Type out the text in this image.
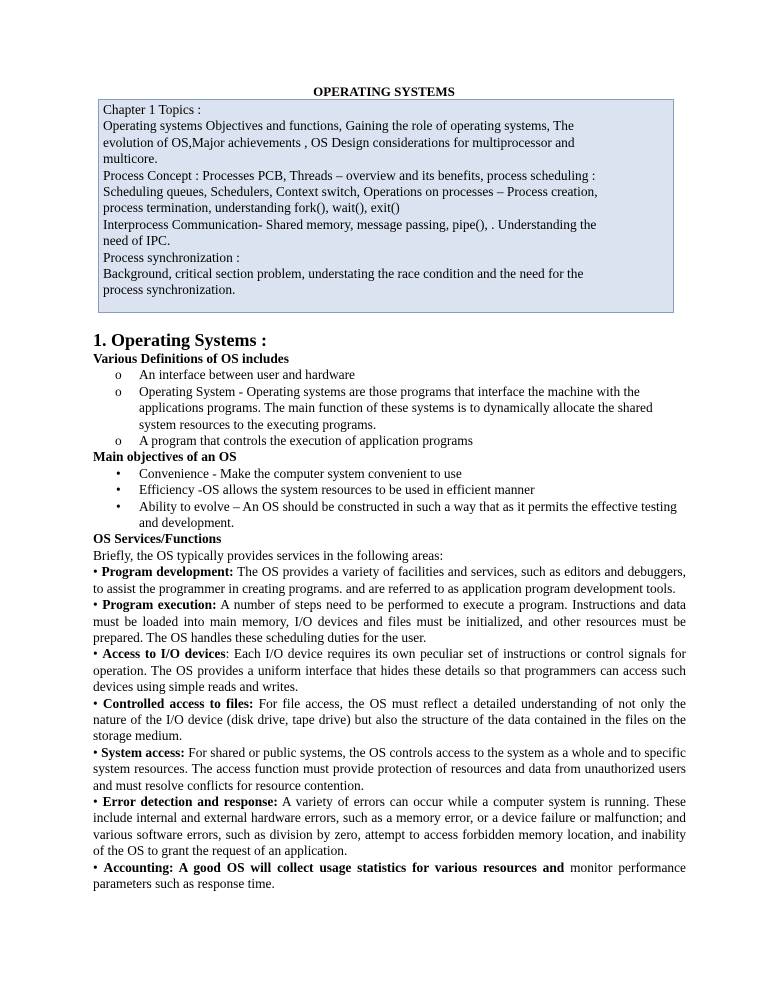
OPERATING SYSTEMS
Chapter 1 Topics :
Operating systems Objectives and functions, Gaining the role of operating systems, The
evolution of OS,Major achievements , OS Design considerations for multiprocessor and
multicore.
Process Concept : Processes PCB, Threads – overview and its benefits, process scheduling :
Scheduling queues, Schedulers, Context switch, Operations on processes – Process creation,
process termination, understanding fork(), wait(), exit()
Interprocess Communication- Shared memory, message passing, pipe(), . Understanding the
need of IPC.
Process synchronization :
Background, critical section problem, understating the race condition and the need for the
process synchronization.
1. Operating Systems :
Various Definitions of OS includes
o An interface between user and hardware
o Operating System - Operating systems are those programs that interface the machine with the applications programs. The main function of these systems is to dynamically allocate the shared system resources to the executing programs.
o A program that controls the execution of application programs
Main objectives of an OS
• Convenience - Make the computer system convenient to use
• Efficiency -OS allows the system resources to be used in efficient manner
• Ability to evolve – An OS should be constructed in such a way that as it permits the effective testing and development.
OS Services/Functions
Briefly, the OS typically provides services in the following areas:
• Program development: The OS provides a variety of facilities and services, such as editors and debuggers, to assist the programmer in creating programs. and are referred to as application program development tools.
• Program execution: A number of steps need to be performed to execute a program. Instructions and data must be loaded into main memory, I/O devices and files must be initialized, and other resources must be prepared. The OS handles these scheduling duties for the user.
• Access to I/O devices: Each I/O device requires its own peculiar set of instructions or control signals for operation. The OS provides a uniform interface that hides these details so that programmers can access such devices using simple reads and writes.
• Controlled access to files: For file access, the OS must reflect a detailed understanding of not only the nature of the I/O device (disk drive, tape drive) but also the structure of the data contained in the files on the storage medium.
• System access: For shared or public systems, the OS controls access to the system as a whole and to specific system resources. The access function must provide protection of resources and data from unauthorized users and must resolve conflicts for resource contention.
• Error detection and response: A variety of errors can occur while a computer system is running. These include internal and external hardware errors, such as a memory error, or a device failure or malfunction; and various software errors, such as division by zero, attempt to access forbidden memory location, and inability of the OS to grant the request of an application.
• Accounting: A good OS will collect usage statistics for various resources and monitor performance parameters such as response time.
